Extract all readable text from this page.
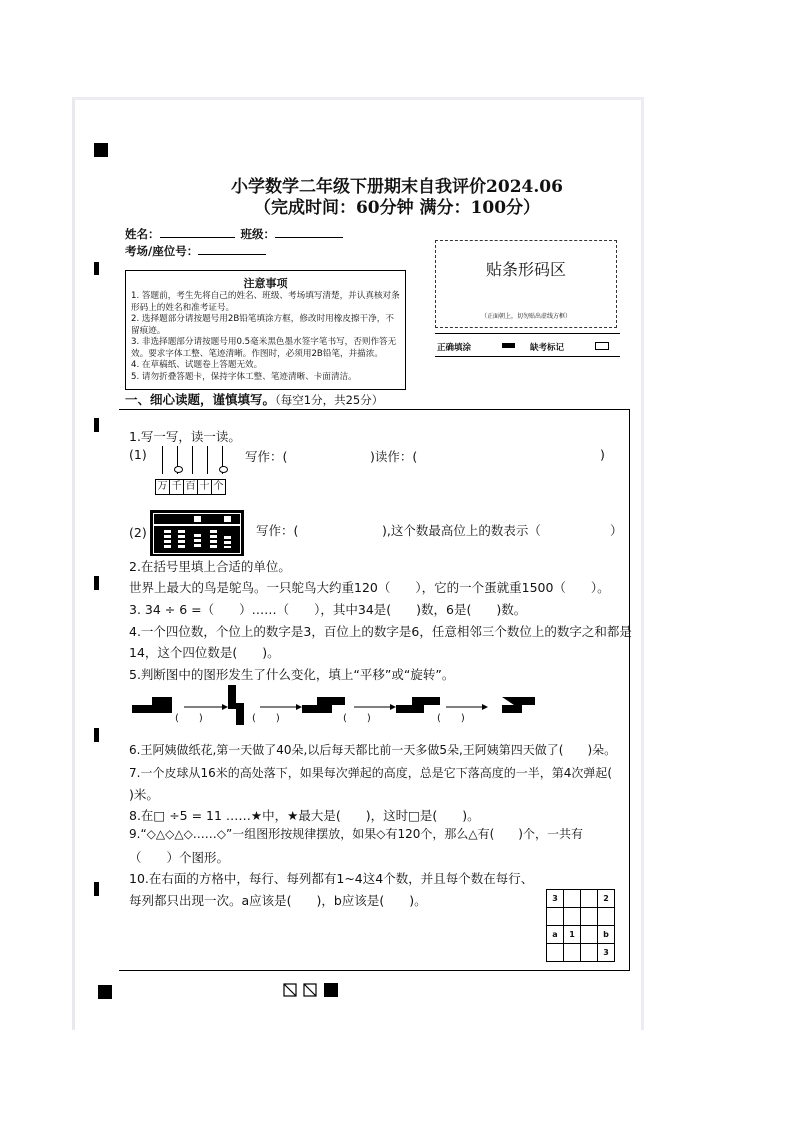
小学数学二年级下册期末自我评价2024.06
（完成时间：60分钟 满分：100分）
姓名：	班级：
考场/座位号：
贴条形码区
（正面朝上，切勿贴出虚线方框）
正确填涂	缺考标记
注意事项
1. 答题前，考生先将自己的姓名、班级、考场填写清楚，并认真核对条形码上的姓名和准考证号。
2. 选择题部分请按题号用2B铅笔填涂方框，修改时用橡皮擦干净，不留痕迹。
3. 非选择题部分请按题号用0.5毫米黑色墨水签字笔书写，否则作答无效。要求字体工整、笔迹清晰。作图时，必须用2B铅笔，并描浓。
4. 在草稿纸、试题卷上答题无效。
5. 请勿折叠答题卡，保持字体工整、笔迹清晰、卡面清洁。
一、细心读题，谨慎填写。（每空1分，共25分）
1.写一写，读一读。
(1)
万 千 百 十 个
写作：(	)读作：(	)
(2)	写作：(	),这个数最高位上的数表示（	）
2.在括号里填上合适的单位。
世界上最大的鸟是鸵鸟。一只鸵鸟大约重120（　　），它的一个蛋就重1500（　　）。
3. 34 ÷ 6 =（　　）……（　　），其中34是(　　)数，6是(　　)数。
4.一个四位数，个位上的数字是3，百位上的数字是6，任意相邻三个数位上的数字之和都是
14，这个四位数是(　　)。
5.判断图中的图形发生了什么变化，填上“平移”或“旋转”。
(　　)	(　　)	(　　)	(　　)
6.王阿姨做纸花,第一天做了40朵,以后每天都比前一天多做5朵,王阿姨第四天做了(　　)朵。
7.一个皮球从16米的高处落下，如果每次弹起的高度，总是它下落高度的一半，第4次弹起(
)米。
8.在□ ÷5 = 11 ……★中，★最大是(　　)，这时□是(　　)。
9.“◇△◇△◇……◇”一组图形按规律摆放，如果◇有120个，那么△有(　　)个，一共有
（　　）个图形。
10.在右面的方格中，每行、每列都有1~4这4个数，并且每个数在每行、
每列都只出现一次。a应该是(　　)，b应该是(　　)。	3			2

a	1		b
			3
